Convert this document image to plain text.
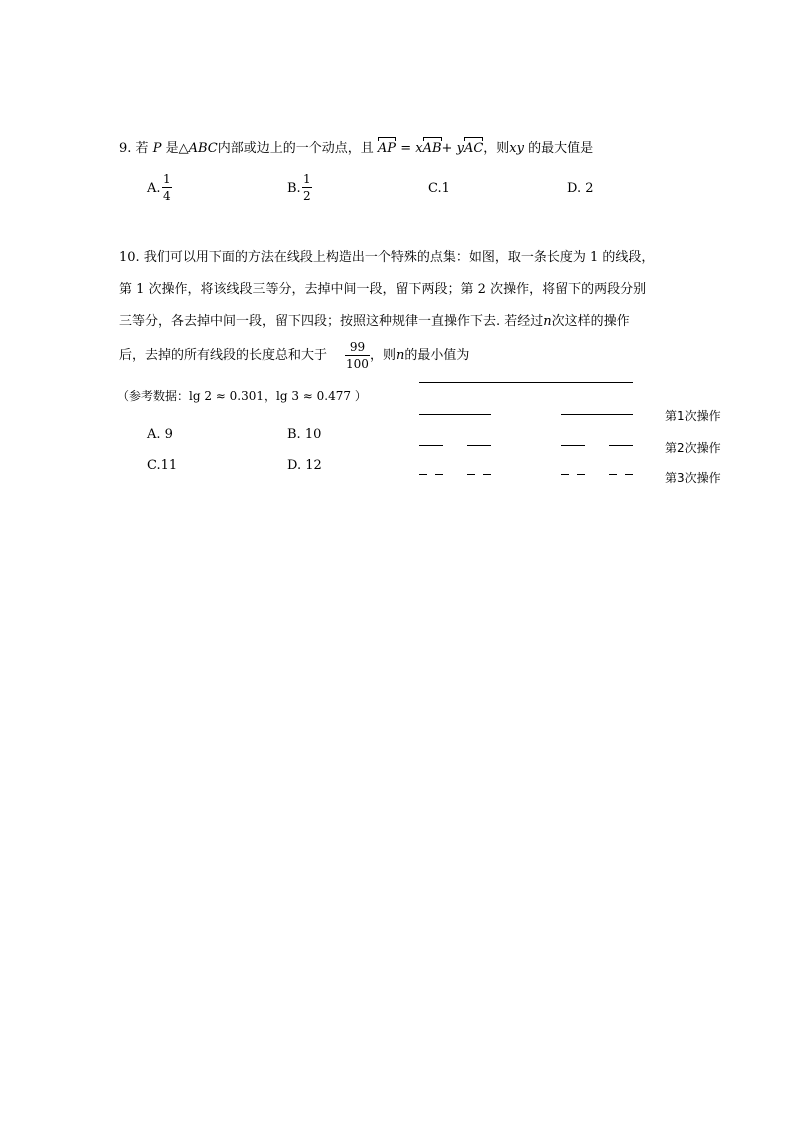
9. 若 P 是△ABC内部或边上的一个动点，且 AP = xAB+ yAC，则xy 的最大值是
A. $\frac{1}{4}$	B. $\frac{1}{2}$	C.1	D. 2
10. 我们可以用下面的方法在线段上构造出一个特殊的点集：如图，取一条长度为 1 的线段，
第 1 次操作，将该线段三等分，去掉中间一段，留下两段；第 2 次操作，将留下的两段分别
三等分，各去掉中间一段，留下四段；按照这种规律一直操作下去. 若经过n次这样的操作
后，去掉的所有线段的长度总和大于 $\frac{99}{100}$ ，则n的最小值为
（参考数据：lg 2 ≈ 0.301，lg 3 ≈ 0.477 ）
A. 9	B. 10
C.11	D. 12
第1次操作
第2次操作
第3次操作
